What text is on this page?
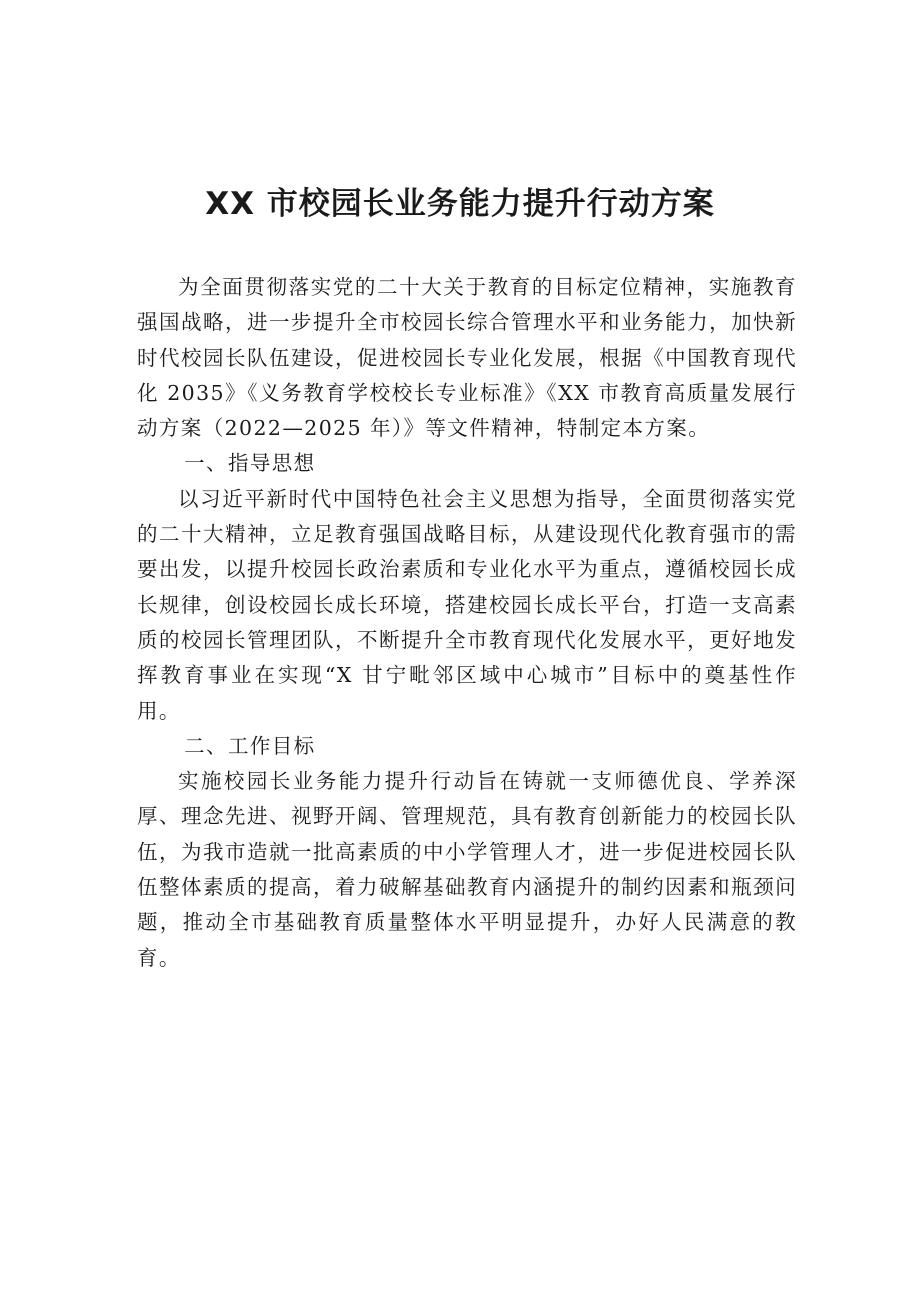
XX 市校园长业务能力提升行动方案

为全面贯彻落实党的二十大关于教育的目标定位精神，实施教育强国战略，进一步提升全市校园长综合管理水平和业务能力，加快新时代校园长队伍建设，促进校园长专业化发展，根据《中国教育现代化 2035》《义务教育学校校长专业标准》《XX 市教育高质量发展行动方案（2022—2025 年）》等文件精神，特制定本方案。

一、指导思想

以习近平新时代中国特色社会主义思想为指导，全面贯彻落实党的二十大精神，立足教育强国战略目标，从建设现代化教育强市的需要出发，以提升校园长政治素质和专业化水平为重点，遵循校园长成长规律，创设校园长成长环境，搭建校园长成长平台，打造一支高素质的校园长管理团队，不断提升全市教育现代化发展水平，更好地发挥教育事业在实现“X 甘宁毗邻区域中心城市”目标中的奠基性作用。

二、工作目标

实施校园长业务能力提升行动旨在铸就一支师德优良、学养深厚、理念先进、视野开阔、管理规范，具有教育创新能力的校园长队伍，为我市造就一批高素质的中小学管理人才，进一步促进校园长队伍整体素质的提高，着力破解基础教育内涵提升的制约因素和瓶颈问题，推动全市基础教育质量整体水平明显提升，办好人民满意的教育。
